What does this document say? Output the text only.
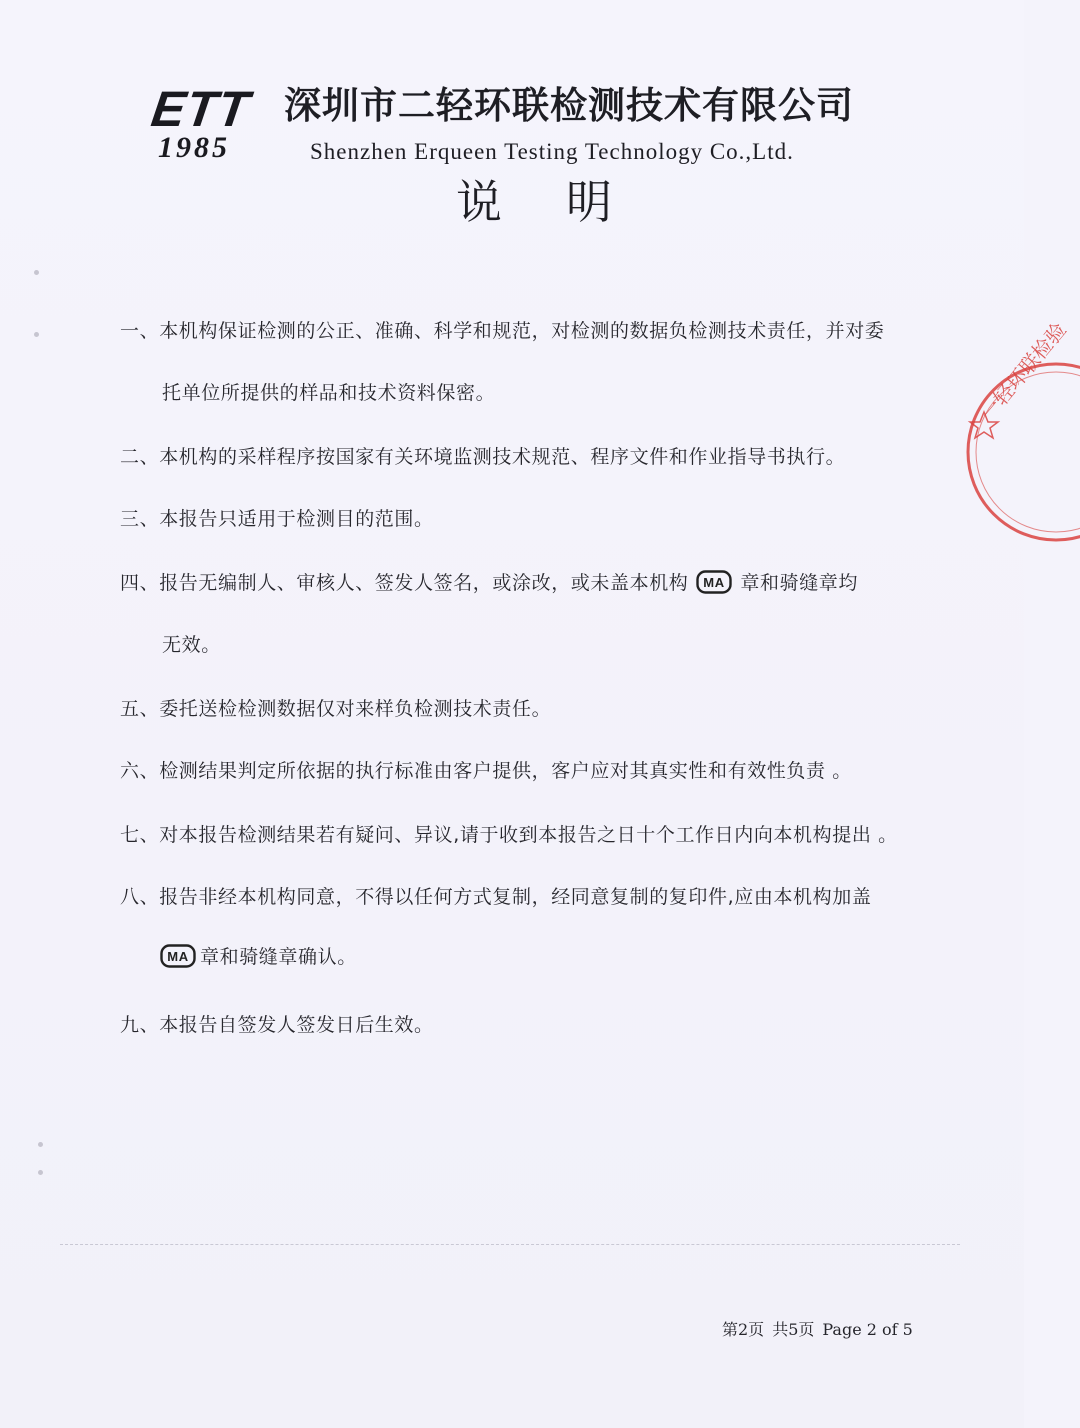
ETT
1985
深圳市二轻环联检测技术有限公司
Shenzhen Erqueen Testing Technology Co.,Ltd.
说明
一、本机构保证检测的公正、准确、科学和规范，对检测的数据负检测技术责任，并对委
托单位所提供的样品和技术资料保密。
二、本机构的采样程序按国家有关环境监测技术规范、程序文件和作业指导书执行。
三、本报告只适用于检测目的范围。
四、报告无编制人、审核人、签发人签名，或涂改，或未盖本机构 MA 章和骑缝章均
无效。
五、委托送检检测数据仅对来样负检测技术责任。
六、检测结果判定所依据的执行标准由客户提供，客户应对其真实性和有效性负责 。
七、对本报告检测结果若有疑问、异议,请于收到本报告之日十个工作日内向本机构提出 。
八、报告非经本机构同意，不得以任何方式复制，经同意复制的复印件,应由本机构加盖
MA 章和骑缝章确认。
九、本报告自签发人签发日后生效。
一轻环联检验
第2页 共5页 Page 2 of 5
